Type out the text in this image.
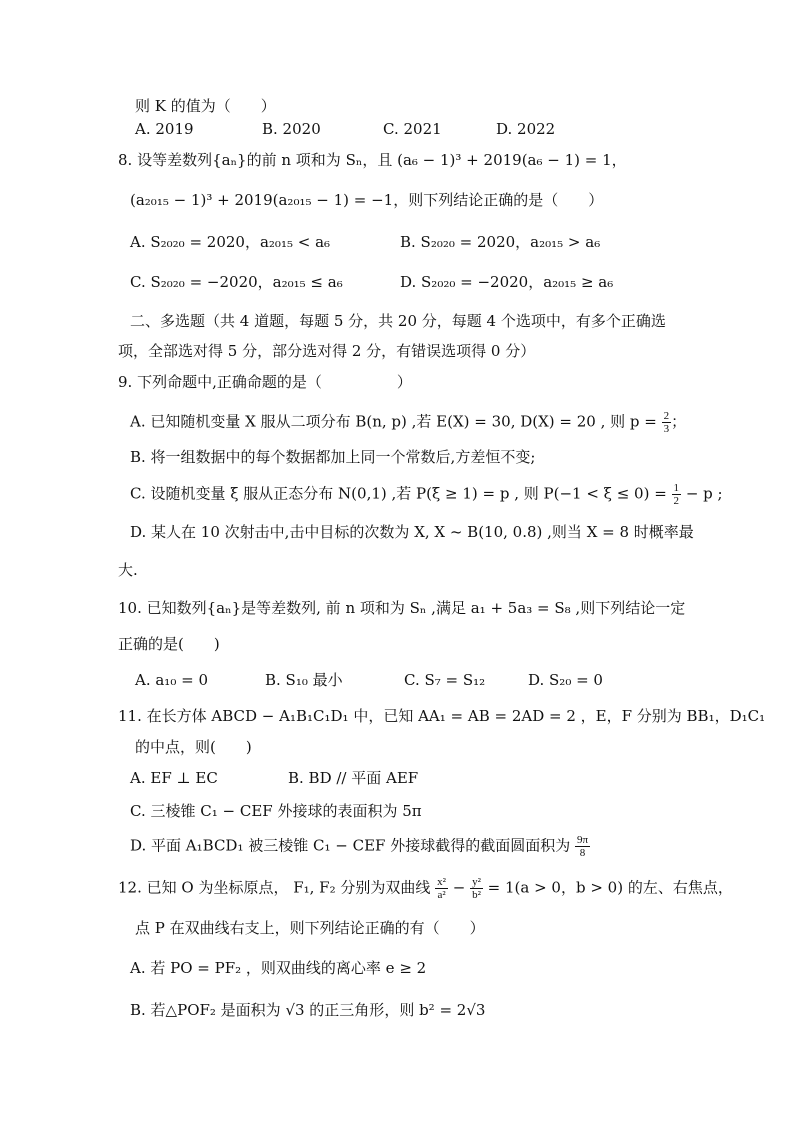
则 K 的值为（　　）
A. 2019	B. 2020	C. 2021	D. 2022
8. 设等差数列{aₙ}的前 n 项和为 Sₙ，且 (a₆ − 1)³ + 2019(a₆ − 1) = 1，
(a₂₀₁₅ − 1)³ + 2019(a₂₀₁₅ − 1) = −1，则下列结论正确的是（　　）
A. S₂₀₂₀ = 2020，a₂₀₁₅ < a₆	B. S₂₀₂₀ = 2020，a₂₀₁₅ > a₆
C. S₂₀₂₀ = −2020，a₂₀₁₅ ≤ a₆	D. S₂₀₂₀ = −2020，a₂₀₁₅ ≥ a₆
二、多选题（共 4 道题，每题 5 分，共 20 分，每题 4 个选项中，有多个正确选
项，全部选对得 5 分，部分选对得 2 分，有错误选项得 0 分）
9. 下列命题中,正确命题的是（　　　　　）
A. 已知随机变量 X 服从二项分布 B(n, p) ,若 E(X) = 30, D(X) = 20 , 则 $p = \frac{2}{3}$ ；
B. 将一组数据中的每个数据都加上同一个常数后,方差恒不变;
C. 设随机变量 ξ 服从正态分布 N(0,1) ,若 P(ξ ≥ 1) = p , 则 $P(-1 < \xi \le 0) = \frac{1}{2} - p$ ;
D. 某人在 10 次射击中,击中目标的次数为 X, X ~ B(10, 0.8) ,则当 X = 8 时概率最
大.
10. 已知数列{aₙ}是等差数列, 前 n 项和为 Sₙ ,满足 a₁ + 5a₃ = S₈ ,则下列结论一定
正确的是(　　)
A. a₁₀ = 0	B. S₁₀ 最小	C. S₇ = S₁₂	D. S₂₀ = 0
11. 在长方体 ABCD − A₁B₁C₁D₁ 中，已知 AA₁ = AB = 2AD = 2 ，E，F 分别为 BB₁，D₁C₁
的中点，则(　　)
A. EF ⊥ EC	B. BD // 平面 AEF
C. 三棱锥 C₁ − CEF 外接球的表面积为 5π
D. 平面 A₁BCD₁ 被三棱锥 C₁ − CEF 外接球截得的截面圆面积为 $\frac{9\pi}{8}$
12. 已知 O 为坐标原点， F₁, F₂ 分别为双曲线 $\frac{\text{x²}}{\text{a²}} - \frac{\text{y²}}{\text{b²}} = 1(a > 0$，b > 0) 的左、右焦点，
点 P 在双曲线右支上，则下列结论正确的有（　　）
A. 若 PO = PF₂ ，则双曲线的离心率 e ≥ 2
B. 若△POF₂ 是面积为 √3 的正三角形，则 b² = 2√3
